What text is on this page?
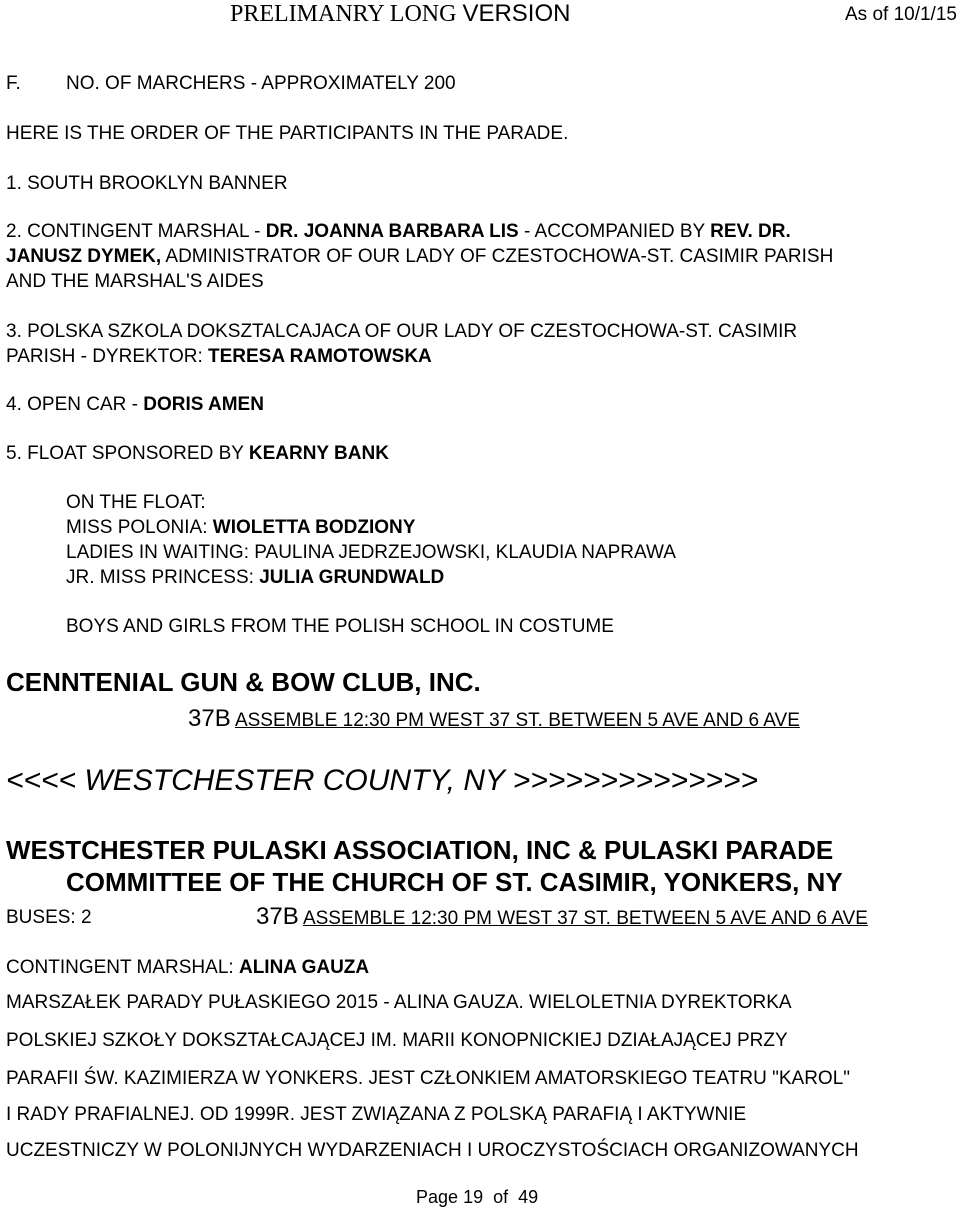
PRELIMANRY LONG VERSION	As of 10/1/15
F. NO. OF MARCHERS - APPROXIMATELY 200
HERE IS THE ORDER OF THE PARTICIPANTS IN THE PARADE.
1. SOUTH BROOKLYN BANNER
2. CONTINGENT MARSHAL - DR. JOANNA BARBARA LIS - ACCOMPANIED BY REV. DR.
JANUSZ DYMEK, ADMINISTRATOR OF OUR LADY OF CZESTOCHOWA-ST. CASIMIR PARISH
AND THE MARSHAL'S AIDES
3. POLSKA SZKOLA DOKSZTALCAJACA OF OUR LADY OF CZESTOCHOWA-ST. CASIMIR
PARISH - DYREKTOR: TERESA RAMOTOWSKA
4. OPEN CAR - DORIS AMEN
5. FLOAT SPONSORED BY KEARNY BANK
ON THE FLOAT:
MISS POLONIA: WIOLETTA BODZIONY
LADIES IN WAITING: PAULINA JEDRZEJOWSKI, KLAUDIA NAPRAWA
JR. MISS PRINCESS: JULIA GRUNDWALD
BOYS AND GIRLS FROM THE POLISH SCHOOL IN COSTUME
CENNTENIAL GUN & BOW CLUB, INC.
37B ASSEMBLE 12:30 PM WEST 37 ST. BETWEEN 5 AVE AND 6 AVE
<<<< WESTCHESTER COUNTY, NY >>>>>>>>>>>>>>
WESTCHESTER PULASKI ASSOCIATION, INC & PULASKI PARADE
COMMITTEE OF THE CHURCH OF ST. CASIMIR, YONKERS, NY
BUSES: 2	37B ASSEMBLE 12:30 PM WEST 37 ST. BETWEEN 5 AVE AND 6 AVE
CONTINGENT MARSHAL: ALINA GAUZA
MARSZAŁEK PARADY PUŁASKIEGO 2015 - ALINA GAUZA. WIELOLETNIA DYREKTORKA
POLSKIEJ SZKOŁY DOKSZTAŁCAJĄCEJ IM. MARII KONOPNICKIEJ DZIAŁAJĄCEJ PRZY
PARAFII ŚW. KAZIMIERZA W YONKERS. JEST CZŁONKIEM AMATORSKIEGO TEATRU "KAROL"
I RADY PRAFIALNEJ. OD 1999R. JEST ZWIĄZANA Z POLSKĄ PARAFIĄ I AKTYWNIE
UCZESTNICZY W POLONIJNYCH WYDARZENIACH I UROCZYSTOŚCIACH ORGANIZOWANYCH
Page 19 of 49
